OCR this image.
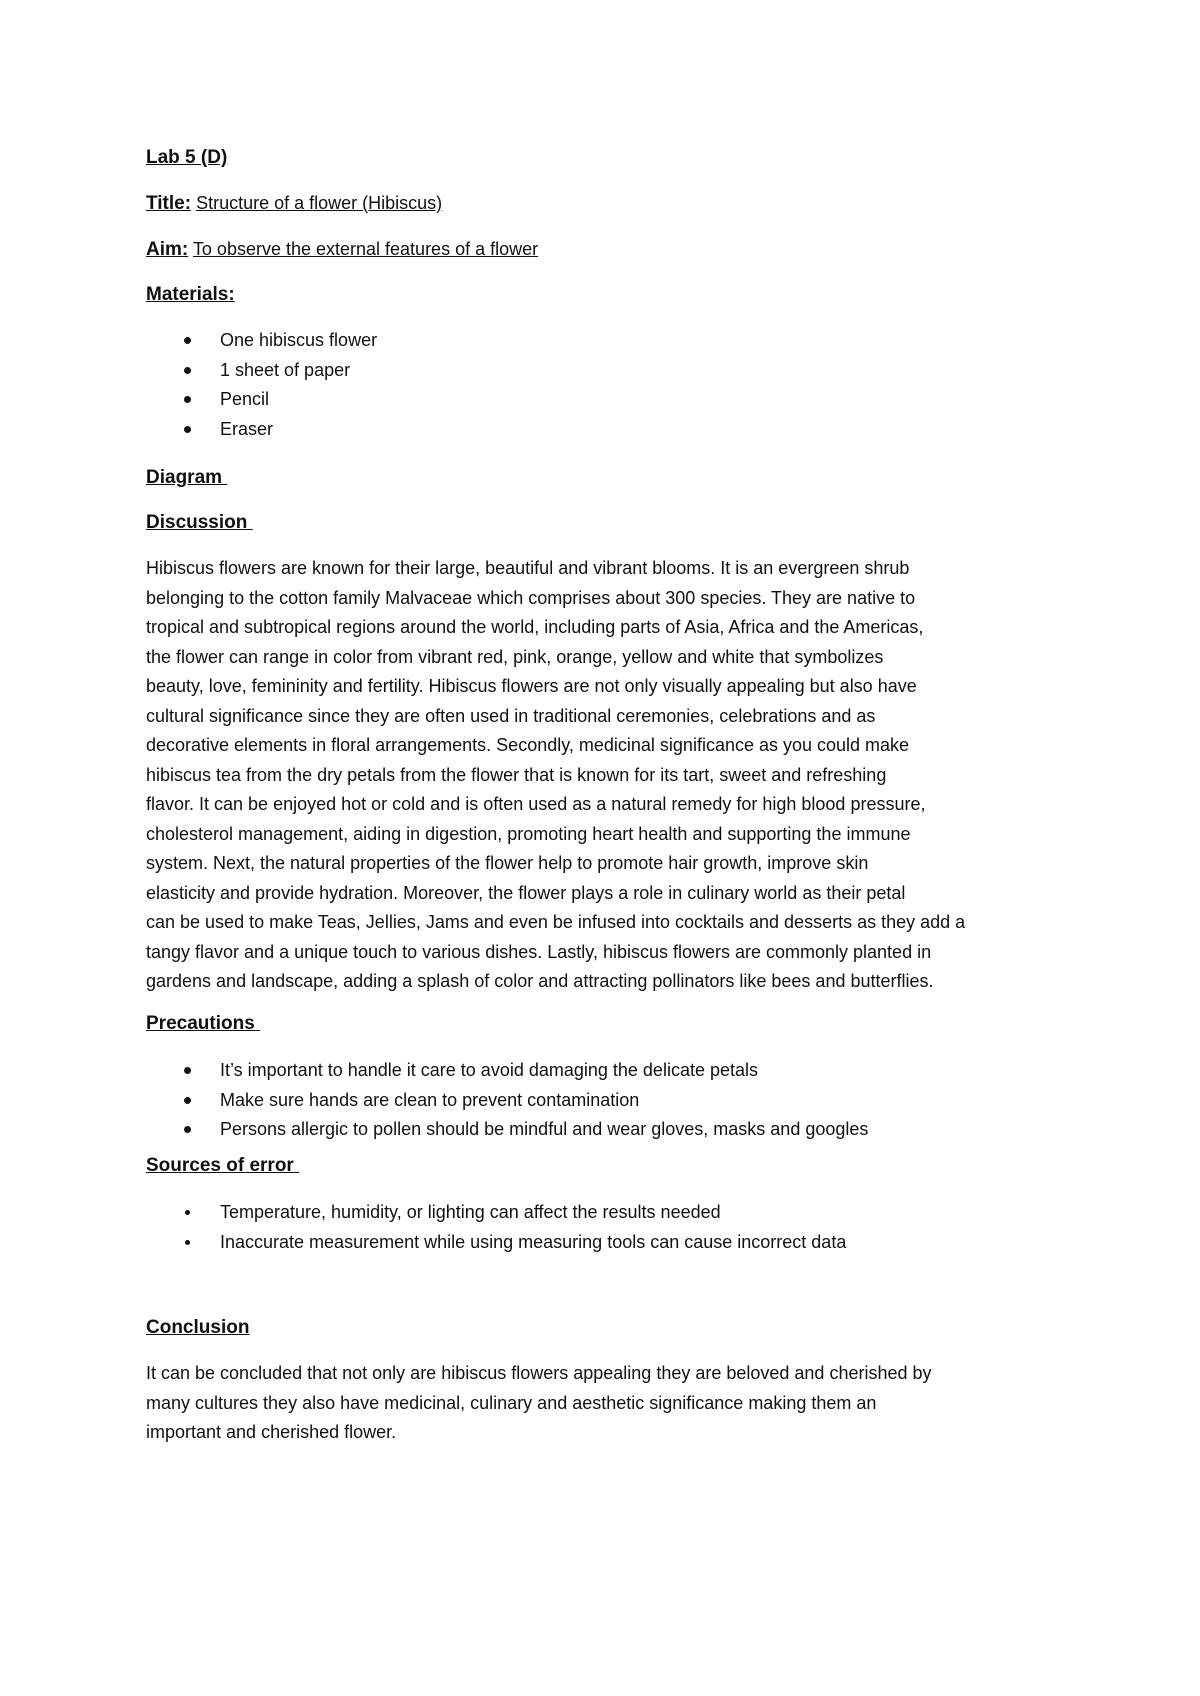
Lab 5 (D)

Title: Structure of a flower (Hibiscus)

Aim: To observe the external features of a flower

Materials:

One hibiscus flower
1 sheet of paper
Pencil
Eraser

Diagram

Discussion

Hibiscus flowers are known for their large, beautiful and vibrant blooms. It is an evergreen shrub
belonging to the cotton family Malvaceae which comprises about 300 species. They are native to
tropical and subtropical regions around the world, including parts of Asia, Africa and the Americas,
the flower can range in color from vibrant red, pink, orange, yellow and white that symbolizes
beauty, love, femininity and fertility. Hibiscus flowers are not only visually appealing but also have
cultural significance since they are often used in traditional ceremonies, celebrations and as
decorative elements in floral arrangements. Secondly, medicinal significance as you could make
hibiscus tea from the dry petals from the flower that is known for its tart, sweet and refreshing
flavor. It can be enjoyed hot or cold and is often used as a natural remedy for high blood pressure,
cholesterol management, aiding in digestion, promoting heart health and supporting the immune
system. Next, the natural properties of the flower help to promote hair growth, improve skin
elasticity and provide hydration. Moreover, the flower plays a role in culinary world as their petal
can be used to make Teas, Jellies, Jams and even be infused into cocktails and desserts as they add a
tangy flavor and a unique touch to various dishes. Lastly, hibiscus flowers are commonly planted in
gardens and landscape, adding a splash of color and attracting pollinators like bees and butterflies.

Precautions

It’s important to handle it care to avoid damaging the delicate petals
Make sure hands are clean to prevent contamination
Persons allergic to pollen should be mindful and wear gloves, masks and googles

Sources of error

Temperature, humidity, or lighting can affect the results needed
Inaccurate measurement while using measuring tools can cause incorrect data

Conclusion

It can be concluded that not only are hibiscus flowers appealing they are beloved and cherished by
many cultures they also have medicinal, culinary and aesthetic significance making them an
important and cherished flower.
